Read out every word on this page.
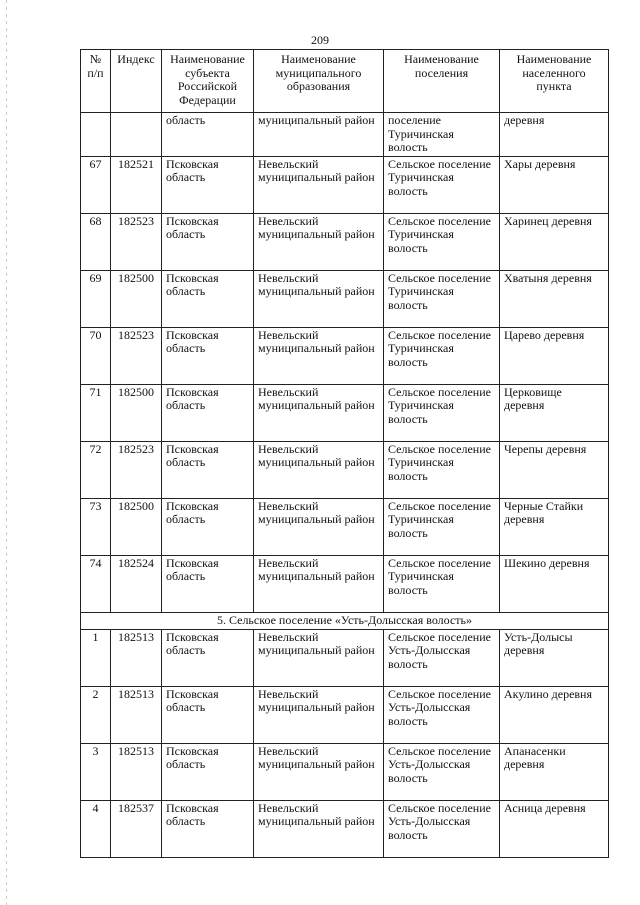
209
№ п/п	Индекс	Наименование субъекта Российской Федерации	Наименование муниципального образования	Наименование поселения	Наименование населенного пункта
		область	муниципальный район	поселение Туричинская волость	деревня
67	182521	Псковская область	Невельский муниципальный район	Сельское поселение Туричинская волость	Хары деревня
68	182523	Псковская область	Невельский муниципальный район	Сельское поселение Туричинская волость	Харинец деревня
69	182500	Псковская область	Невельский муниципальный район	Сельское поселение Туричинская волость	Хватыня деревня
70	182523	Псковская область	Невельский муниципальный район	Сельское поселение Туричинская волость	Царево деревня
71	182500	Псковская область	Невельский муниципальный район	Сельское поселение Туричинская волость	Церковище деревня
72	182523	Псковская область	Невельский муниципальный район	Сельское поселение Туричинская волость	Черепы деревня
73	182500	Псковская область	Невельский муниципальный район	Сельское поселение Туричинская волость	Черные Стайки деревня
74	182524	Псковская область	Невельский муниципальный район	Сельское поселение Туричинская волость	Шекино деревня
5. Сельское поселение «Усть-Долысская волость»					
1	182513	Псковская область	Невельский муниципальный район	Сельское поселение Усть-Долысская волость	Усть-Долысы деревня
2	182513	Псковская область	Невельский муниципальный район	Сельское поселение Усть-Долысская волость	Акулино деревня
3	182513	Псковская область	Невельский муниципальный район	Сельское поселение Усть-Долысская волость	Апанасенки деревня
4	182537	Псковская область	Невельский муниципальный район	Сельское поселение Усть-Долысская волость	Асница деревня
